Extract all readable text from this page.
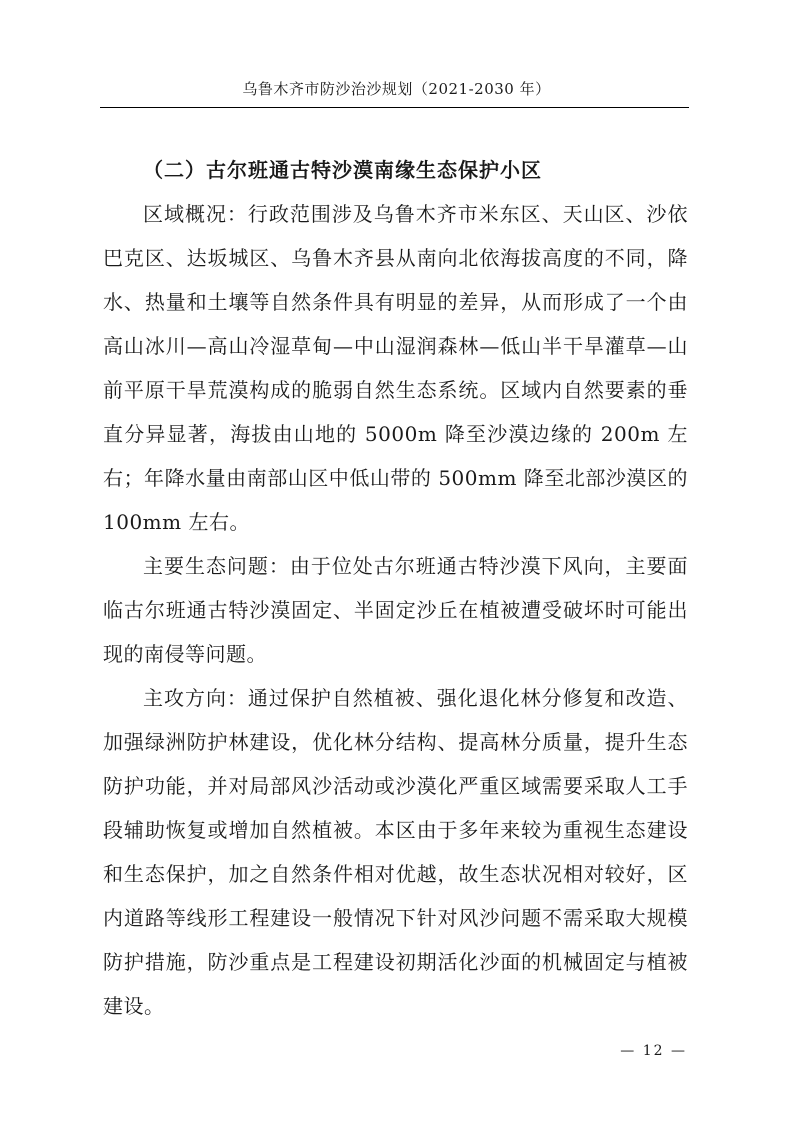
乌鲁木齐市防沙治沙规划（2021-2030 年）

（二）古尔班通古特沙漠南缘生态保护小区

区域概况：行政范围涉及乌鲁木齐市米东区、天山区、沙依巴克区、达坂城区、乌鲁木齐县从南向北依海拔高度的不同，降水、热量和土壤等自然条件具有明显的差异，从而形成了一个由高山冰川—高山冷湿草甸—中山湿润森林—低山半干旱灌草—山前平原干旱荒漠构成的脆弱自然生态系统。区域内自然要素的垂直分异显著，海拔由山地的 5000m 降至沙漠边缘的 200m 左右；年降水量由南部山区中低山带的 500mm 降至北部沙漠区的 100mm 左右。

主要生态问题：由于位处古尔班通古特沙漠下风向，主要面临古尔班通古特沙漠固定、半固定沙丘在植被遭受破坏时可能出现的南侵等问题。

主攻方向：通过保护自然植被、强化退化林分修复和改造、加强绿洲防护林建设，优化林分结构、提高林分质量，提升生态防护功能，并对局部风沙活动或沙漠化严重区域需要采取人工手段辅助恢复或增加自然植被。本区由于多年来较为重视生态建设和生态保护，加之自然条件相对优越，故生态状况相对较好，区内道路等线形工程建设一般情况下针对风沙问题不需采取大规模防护措施，防沙重点是工程建设初期活化沙面的机械固定与植被建设。

— 12 —
